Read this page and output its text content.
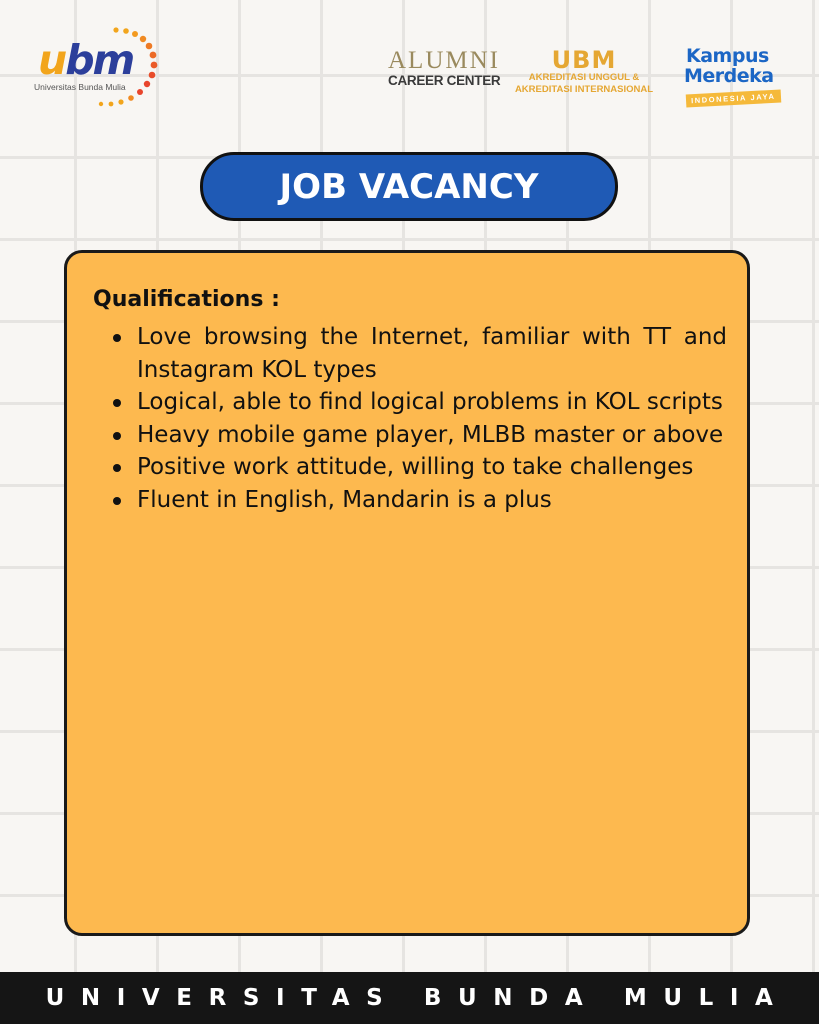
ubm
Universitas Bunda Mulia
ALUMNI
CAREER CENTER
UBM
AKREDITASI UNGGUL &
AKREDITASI INTERNASIONAL
Kampus
Merdeka
INDONESIA JAYA
JOB VACANCY
Qualifications :
Love browsing the Internet, familiar with TT and Instagram KOL types
Logical, able to find logical problems in KOL scripts
Heavy mobile game player, MLBB master or above
Positive work attitude, willing to take challenges
Fluent in English, Mandarin is a plus
UNIVERSITAS BUNDA MULIA
